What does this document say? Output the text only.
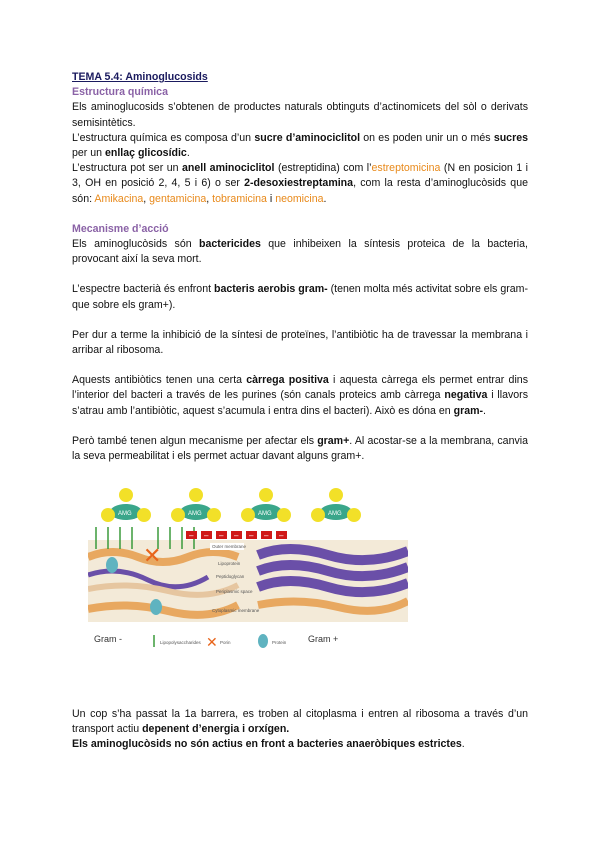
TEMA 5.4: Aminoglucosids

Estructura química

Els aminoglucosids s’obtenen de productes naturals obtinguts d’actinomicets del sòl o derivats semisintètics.

L’estructura química es composa d’un sucre d’aminociclitol on es poden unir un o més sucres per un enllaç glicosídic.

L’estructura pot ser un anell aminociclitol (estreptidina) com l’estreptomicina (N en posicion 1 i 3, OH en posició 2, 4, 5 i 6) o ser 2-desoxiestreptamina, com la resta d’aminoglucòsids que són: Amikacina, gentamicina, tobramicina i neomicina.

Mecanisme d’acció

Els aminoglucòsids són bactericides que inhibeixen la síntesis proteica de la bacteria, provocant així la seva mort.

L’espectre bacterià és enfront bacteris aerobis gram- (tenen molta més activitat sobre els gram- que sobre els gram+).

Per dur a terme la inhibició de la síntesi de proteïnes, l’antibiòtic ha de travessar la membrana i arribar al ribosoma.

Aquests antibiòtics tenen una certa càrrega positiva i aquesta càrrega els permet entrar dins l’interior del bacteri a través de les purines (són canals proteics amb càrrega negativa i llavors s’atrau amb l’antibiòtic, aquest s’acumula i entra dins el bacteri). Això es dóna en gram-.

Però també tenen algun mecanisme per afectar els gram+. Al acostar-se a la membrana, canvia la seva permeabilitat i els permet actuar davant alguns gram+.

✕
– – – – – – –
AMG	AMG	AMG	AMG
Outer membrane
Lipoprotein
Peptidoglycan
Periplasmic space
Cytoplasmic membrane
Gram -	Gram +
Lipopolysaccharides ✕ Porin	Protein

Un cop s’ha passat la 1a barrera, es troben al citoplasma i entren al ribosoma a través d’un transport actiu depenent d’energia i orxígen.

Els aminoglucòsids no són actius en front a bacteries anaeròbiques estrictes.
